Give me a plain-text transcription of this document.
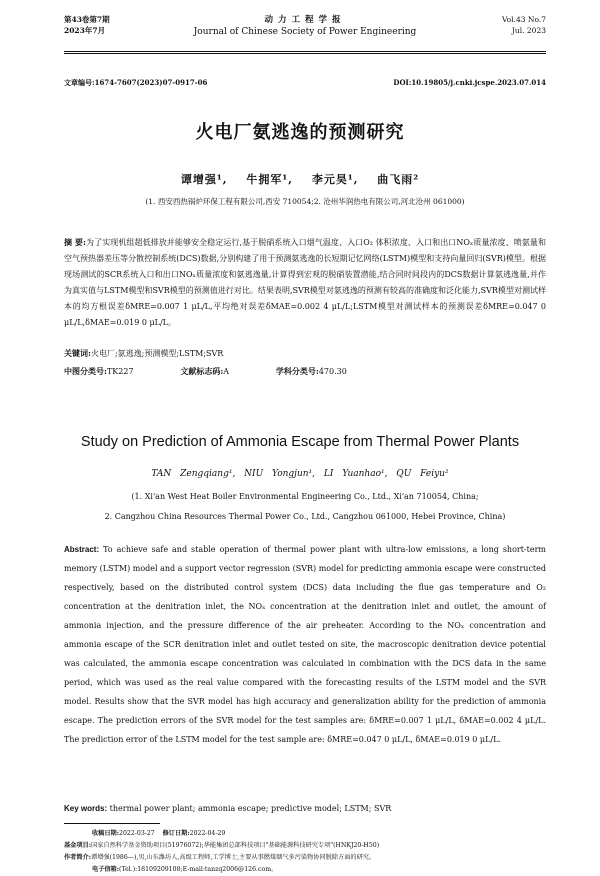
第43卷第7期
2023年7月
动力工程学报
Journal of Chinese Society of Power Engineering
Vol.43 No.7
Jul. 2023
文章编号:1674-7607(2023)07-0917-06	DOI:10.19805/j.cnki.jcspe.2023.07.014
火电厂氨逃逸的预测研究
谭增强¹, 牛拥军¹, 李元昊¹, 曲飞雨²
(1. 西安西热锅炉环保工程有限公司,西安 710054;2. 沧州华润热电有限公司,河北沧州 061000)
摘 要:为了实现机组超低排放并能够安全稳定运行,基于脱硝系统入口烟气温度、入口O₂ 体积浓度、入口和出口NOₓ质量浓度、喷氨量和空气预热器差压等分散控制系统(DCS)数据,分别构建了用于预测氨逃逸的长短期记忆网络(LSTM)模型和支持向量回归(SVR)模型。根据现场测试的SCR系统入口和出口NOₓ质量浓度和氨逃逸量,计算得到宏观的脱硝装置潜能,结合同时间段内的DCS数据计算氨逃逸量,并作为真实值与LSTM模型和SVR模型的预测值进行对比。结果表明,SVR模型对氨逃逸的预测有较高的准确度和泛化能力,SVR模型对测试样本的均方根误差δMRE=0.007 1 μL/L,平均绝对误差δMAE=0.002 4 μL/L;LSTM模型对测试样本的预测误差δMRE=0.047 0 μL/L,δMAE=0.019 0 μL/L。
关键词:火电厂;氨逃逸;预测模型;LSTM;SVR
中图分类号:TK227	文献标志码:A	学科分类号:470.30
Study on Prediction of Ammonia Escape from Thermal Power Plants
TAN Zengqiang¹, NIU Yongjun¹, LI Yuanhao¹, QU Feiyu²
(1. Xi'an West Heat Boiler Environmental Engineering Co., Ltd., Xi'an 710054, China;
2. Cangzhou China Resources Thermal Power Co., Ltd., Cangzhou 061000, Hebei Province, China)
Abstract: To achieve safe and stable operation of thermal power plant with ultra-low emissions, a long short-term memory (LSTM) model and a support vector regression (SVR) model for predicting ammonia escape were constructed respectively, based on the distributed control system (DCS) data including the flue gas temperature and O₂ concentration at the denitration inlet, the NOₓ concentration at the denitration inlet and outlet, the amount of ammonia injection, and the pressure difference of the air preheater. According to the NOₓ concentration and ammonia escape of the SCR denitration inlet and outlet tested on site, the macroscopic denitration device potential was calculated, the ammonia escape concentration was calculated in combination with the DCS data in the same period, which was used as the real value compared with the forecasting results of the LSTM model and the SVR model. Results show that the SVR model has high accuracy and generalization ability for the prediction of ammonia escape. The prediction errors of the SVR model for the test samples are: δMRE=0.007 1 μL/L, δMAE=0.002 4 μL/L. The prediction error of the LSTM model for the test sample are: δMRE=0.047 0 μL/L, δMAE=0.019 0 μL/L.
Key words: thermal power plant; ammonia escape; predictive model; LSTM; SVR
收稿日期:2022-03-27 修订日期:2022-04-29
基金项目:国家自然科学基金资助项目(51976072);华能集团总部科技项目"基础能源科技研究专项"(HNKJ20-H50)
作者简介:谭增强(1986—),男,山东潍坊人,高级工程师,工学博士,主要从事燃煤烟气多污染物协同脱除方面的研究。
电子信箱:(Tel.):18109209108;E-mail:tanzq2006@126.com。
